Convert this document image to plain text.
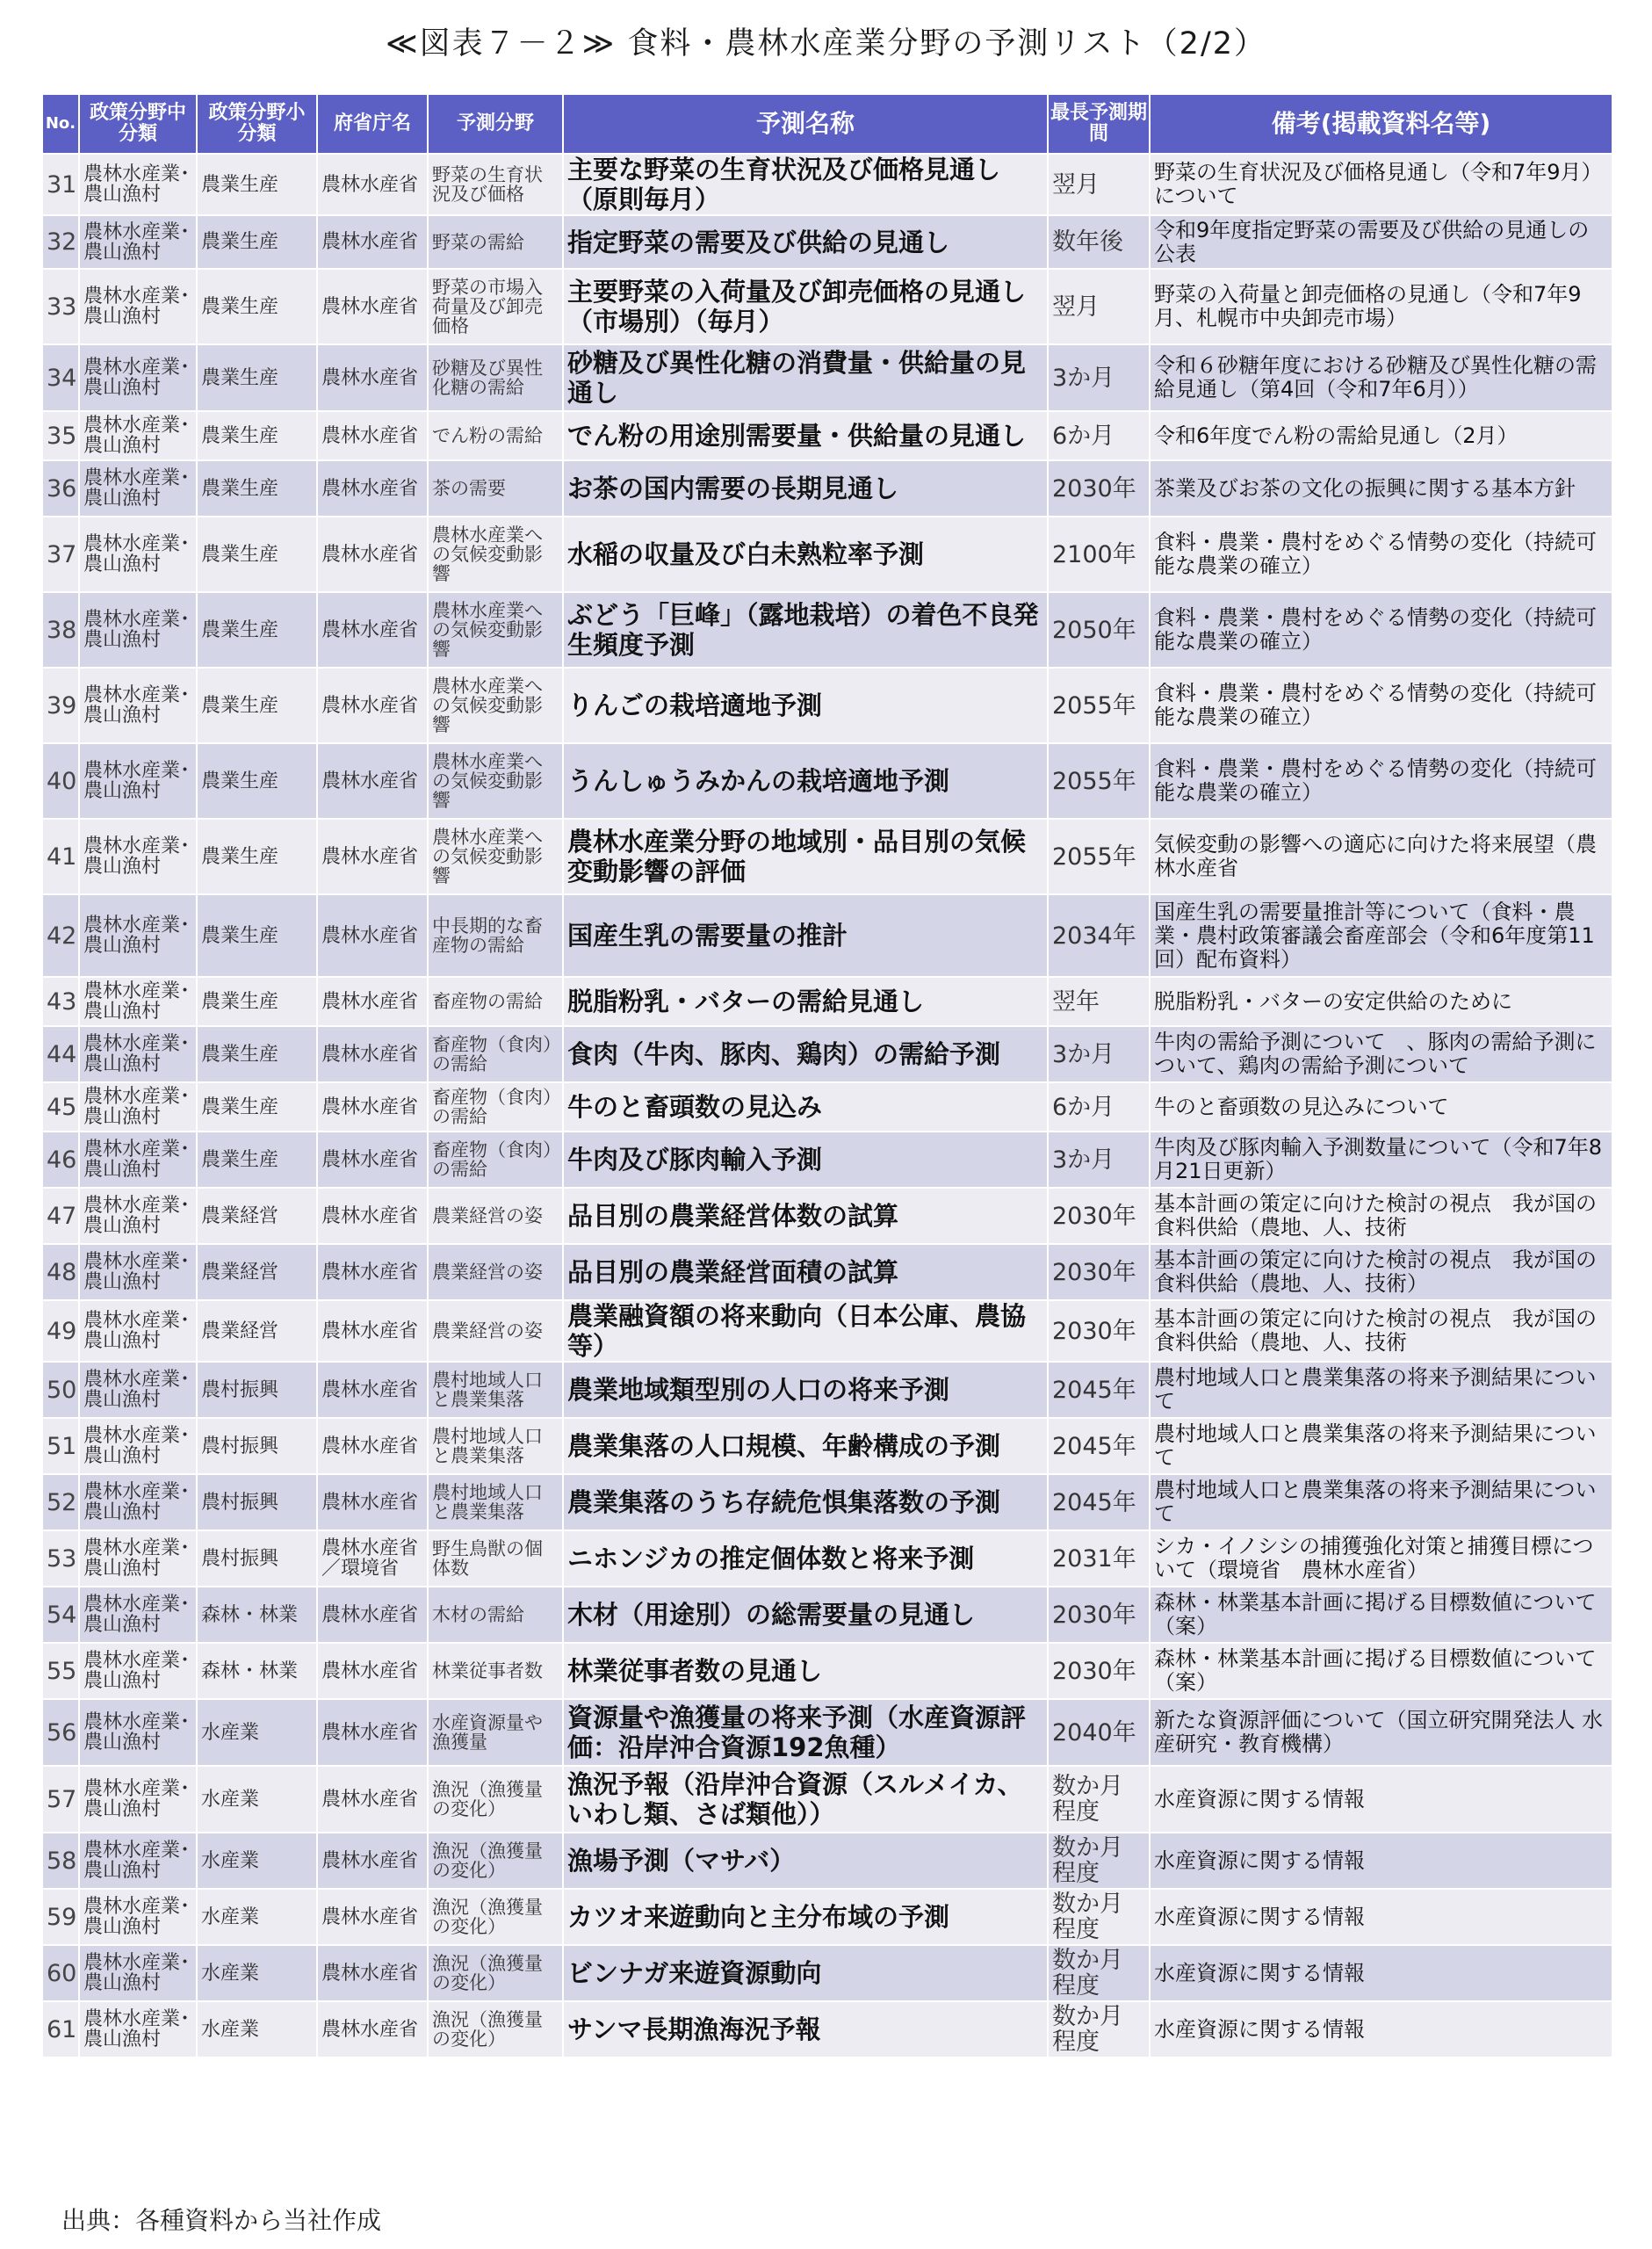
≪図表７－２≫ 食料・農林水産業分野の予測リスト（2/2）
No.	政策分野中分類	政策分野小分類	府省庁名	予測分野	予測名称	最長予測期間	備考(掲載資料名等)
31	農林水産業･農山漁村	農業生産	農林水産省	野菜の生育状況及び価格	主要な野菜の生育状況及び価格見通し（原則毎月）	翌月	野菜の生育状況及び価格見通し（令和7年9月）について
32	農林水産業･農山漁村	農業生産	農林水産省	野菜の需給	指定野菜の需要及び供給の見通し	数年後	令和9年度指定野菜の需要及び供給の見通しの公表
33	農林水産業･農山漁村	農業生産	農林水産省	野菜の市場入荷量及び卸売価格	主要野菜の入荷量及び卸売価格の見通し（市場別）（毎月）	翌月	野菜の入荷量と卸売価格の見通し（令和7年9月、札幌市中央卸売市場）
34	農林水産業･農山漁村	農業生産	農林水産省	砂糖及び異性化糖の需給	砂糖及び異性化糖の消費量・供給量の見通し	3か月	令和６砂糖年度における砂糖及び異性化糖の需給見通し（第4回（令和7年6月））
35	農林水産業･農山漁村	農業生産	農林水産省	でん粉の需給	でん粉の用途別需要量・供給量の見通し	6か月	令和6年度でん粉の需給見通し（2月）
36	農林水産業･農山漁村	農業生産	農林水産省	茶の需要	お茶の国内需要の長期見通し	2030年	茶業及びお茶の文化の振興に関する基本方針
37	農林水産業･農山漁村	農業生産	農林水産省	農林水産業への気候変動影響	水稲の収量及び白未熟粒率予測	2100年	食料・農業・農村をめぐる情勢の変化（持続可能な農業の確立）
38	農林水産業･農山漁村	農業生産	農林水産省	農林水産業への気候変動影響	ぶどう「巨峰」（露地栽培）の着色不良発生頻度予測	2050年	食料・農業・農村をめぐる情勢の変化（持続可能な農業の確立）
39	農林水産業･農山漁村	農業生産	農林水産省	農林水産業への気候変動影響	りんごの栽培適地予測	2055年	食料・農業・農村をめぐる情勢の変化（持続可能な農業の確立）
40	農林水産業･農山漁村	農業生産	農林水産省	農林水産業への気候変動影響	うんしゅうみかんの栽培適地予測	2055年	食料・農業・農村をめぐる情勢の変化（持続可能な農業の確立）
41	農林水産業･農山漁村	農業生産	農林水産省	農林水産業への気候変動影響	農林水産業分野の地域別・品目別の気候変動影響の評価	2055年	気候変動の影響への適応に向けた将来展望（農林水産省
42	農林水産業･農山漁村	農業生産	農林水産省	中長期的な畜産物の需給	国産生乳の需要量の推計	2034年	国産生乳の需要量推計等について（食料・農業・農村政策審議会畜産部会（令和6年度第11回）配布資料）
43	農林水産業･農山漁村	農業生産	農林水産省	畜産物の需給	脱脂粉乳・バターの需給見通し	翌年	脱脂粉乳・バターの安定供給のために
44	農林水産業･農山漁村	農業生産	農林水産省	畜産物（食肉）の需給	食肉（牛肉、豚肉、鶏肉）の需給予測	3か月	牛肉の需給予測について　、豚肉の需給予測について、鶏肉の需給予測について
45	農林水産業･農山漁村	農業生産	農林水産省	畜産物（食肉）の需給	牛のと畜頭数の見込み	6か月	牛のと畜頭数の見込みについて
46	農林水産業･農山漁村	農業生産	農林水産省	畜産物（食肉）の需給	牛肉及び豚肉輸入予測	3か月	牛肉及び豚肉輸入予測数量について（令和7年8月21日更新）
47	農林水産業･農山漁村	農業経営	農林水産省	農業経営の姿	品目別の農業経営体数の試算	2030年	基本計画の策定に向けた検討の視点　我が国の食料供給（農地、人、技術
48	農林水産業･農山漁村	農業経営	農林水産省	農業経営の姿	品目別の農業経営面積の試算	2030年	基本計画の策定に向けた検討の視点　我が国の食料供給（農地、人、技術）
49	農林水産業･農山漁村	農業経営	農林水産省	農業経営の姿	農業融資額の将来動向（日本公庫、農協等）	2030年	基本計画の策定に向けた検討の視点　我が国の食料供給（農地、人、技術
50	農林水産業･農山漁村	農村振興	農林水産省	農村地域人口と農業集落	農業地域類型別の人口の将来予測	2045年	農村地域人口と農業集落の将来予測結果について
51	農林水産業･農山漁村	農村振興	農林水産省	農村地域人口と農業集落	農業集落の人口規模、年齢構成の予測	2045年	農村地域人口と農業集落の将来予測結果について
52	農林水産業･農山漁村	農村振興	農林水産省	農村地域人口と農業集落	農業集落のうち存続危惧集落数の予測	2045年	農村地域人口と農業集落の将来予測結果について
53	農林水産業･農山漁村	農村振興	農林水産省／環境省	野生鳥獣の個体数	ニホンジカの推定個体数と将来予測	2031年	シカ・イノシシの捕獲強化対策と捕獲目標について（環境省　農林水産省）
54	農林水産業･農山漁村	森林・林業	農林水産省	木材の需給	木材（用途別）の総需要量の見通し	2030年	森林・林業基本計画に掲げる目標数値について（案）
55	農林水産業･農山漁村	森林・林業	農林水産省	林業従事者数	林業従事者数の見通し	2030年	森林・林業基本計画に掲げる目標数値について（案）
56	農林水産業･農山漁村	水産業	農林水産省	水産資源量や漁獲量	資源量や漁獲量の将来予測（水産資源評価：沿岸沖合資源192魚種）	2040年	新たな資源評価について（国立研究開発法人 水産研究・教育機構）
57	農林水産業･農山漁村	水産業	農林水産省	漁況（漁獲量の変化）	漁況予報（沿岸沖合資源（スルメイカ、いわし類、さば類他））	数か月程度	水産資源に関する情報
58	農林水産業･農山漁村	水産業	農林水産省	漁況（漁獲量の変化）	漁場予測（マサバ）	数か月程度	水産資源に関する情報
59	農林水産業･農山漁村	水産業	農林水産省	漁況（漁獲量の変化）	カツオ来遊動向と主分布域の予測	数か月程度	水産資源に関する情報
60	農林水産業･農山漁村	水産業	農林水産省	漁況（漁獲量の変化）	ビンナガ来遊資源動向	数か月程度	水産資源に関する情報
61	農林水産業･農山漁村	水産業	農林水産省	漁況（漁獲量の変化）	サンマ長期漁海況予報	数か月程度	水産資源に関する情報
出典：各種資料から当社作成
